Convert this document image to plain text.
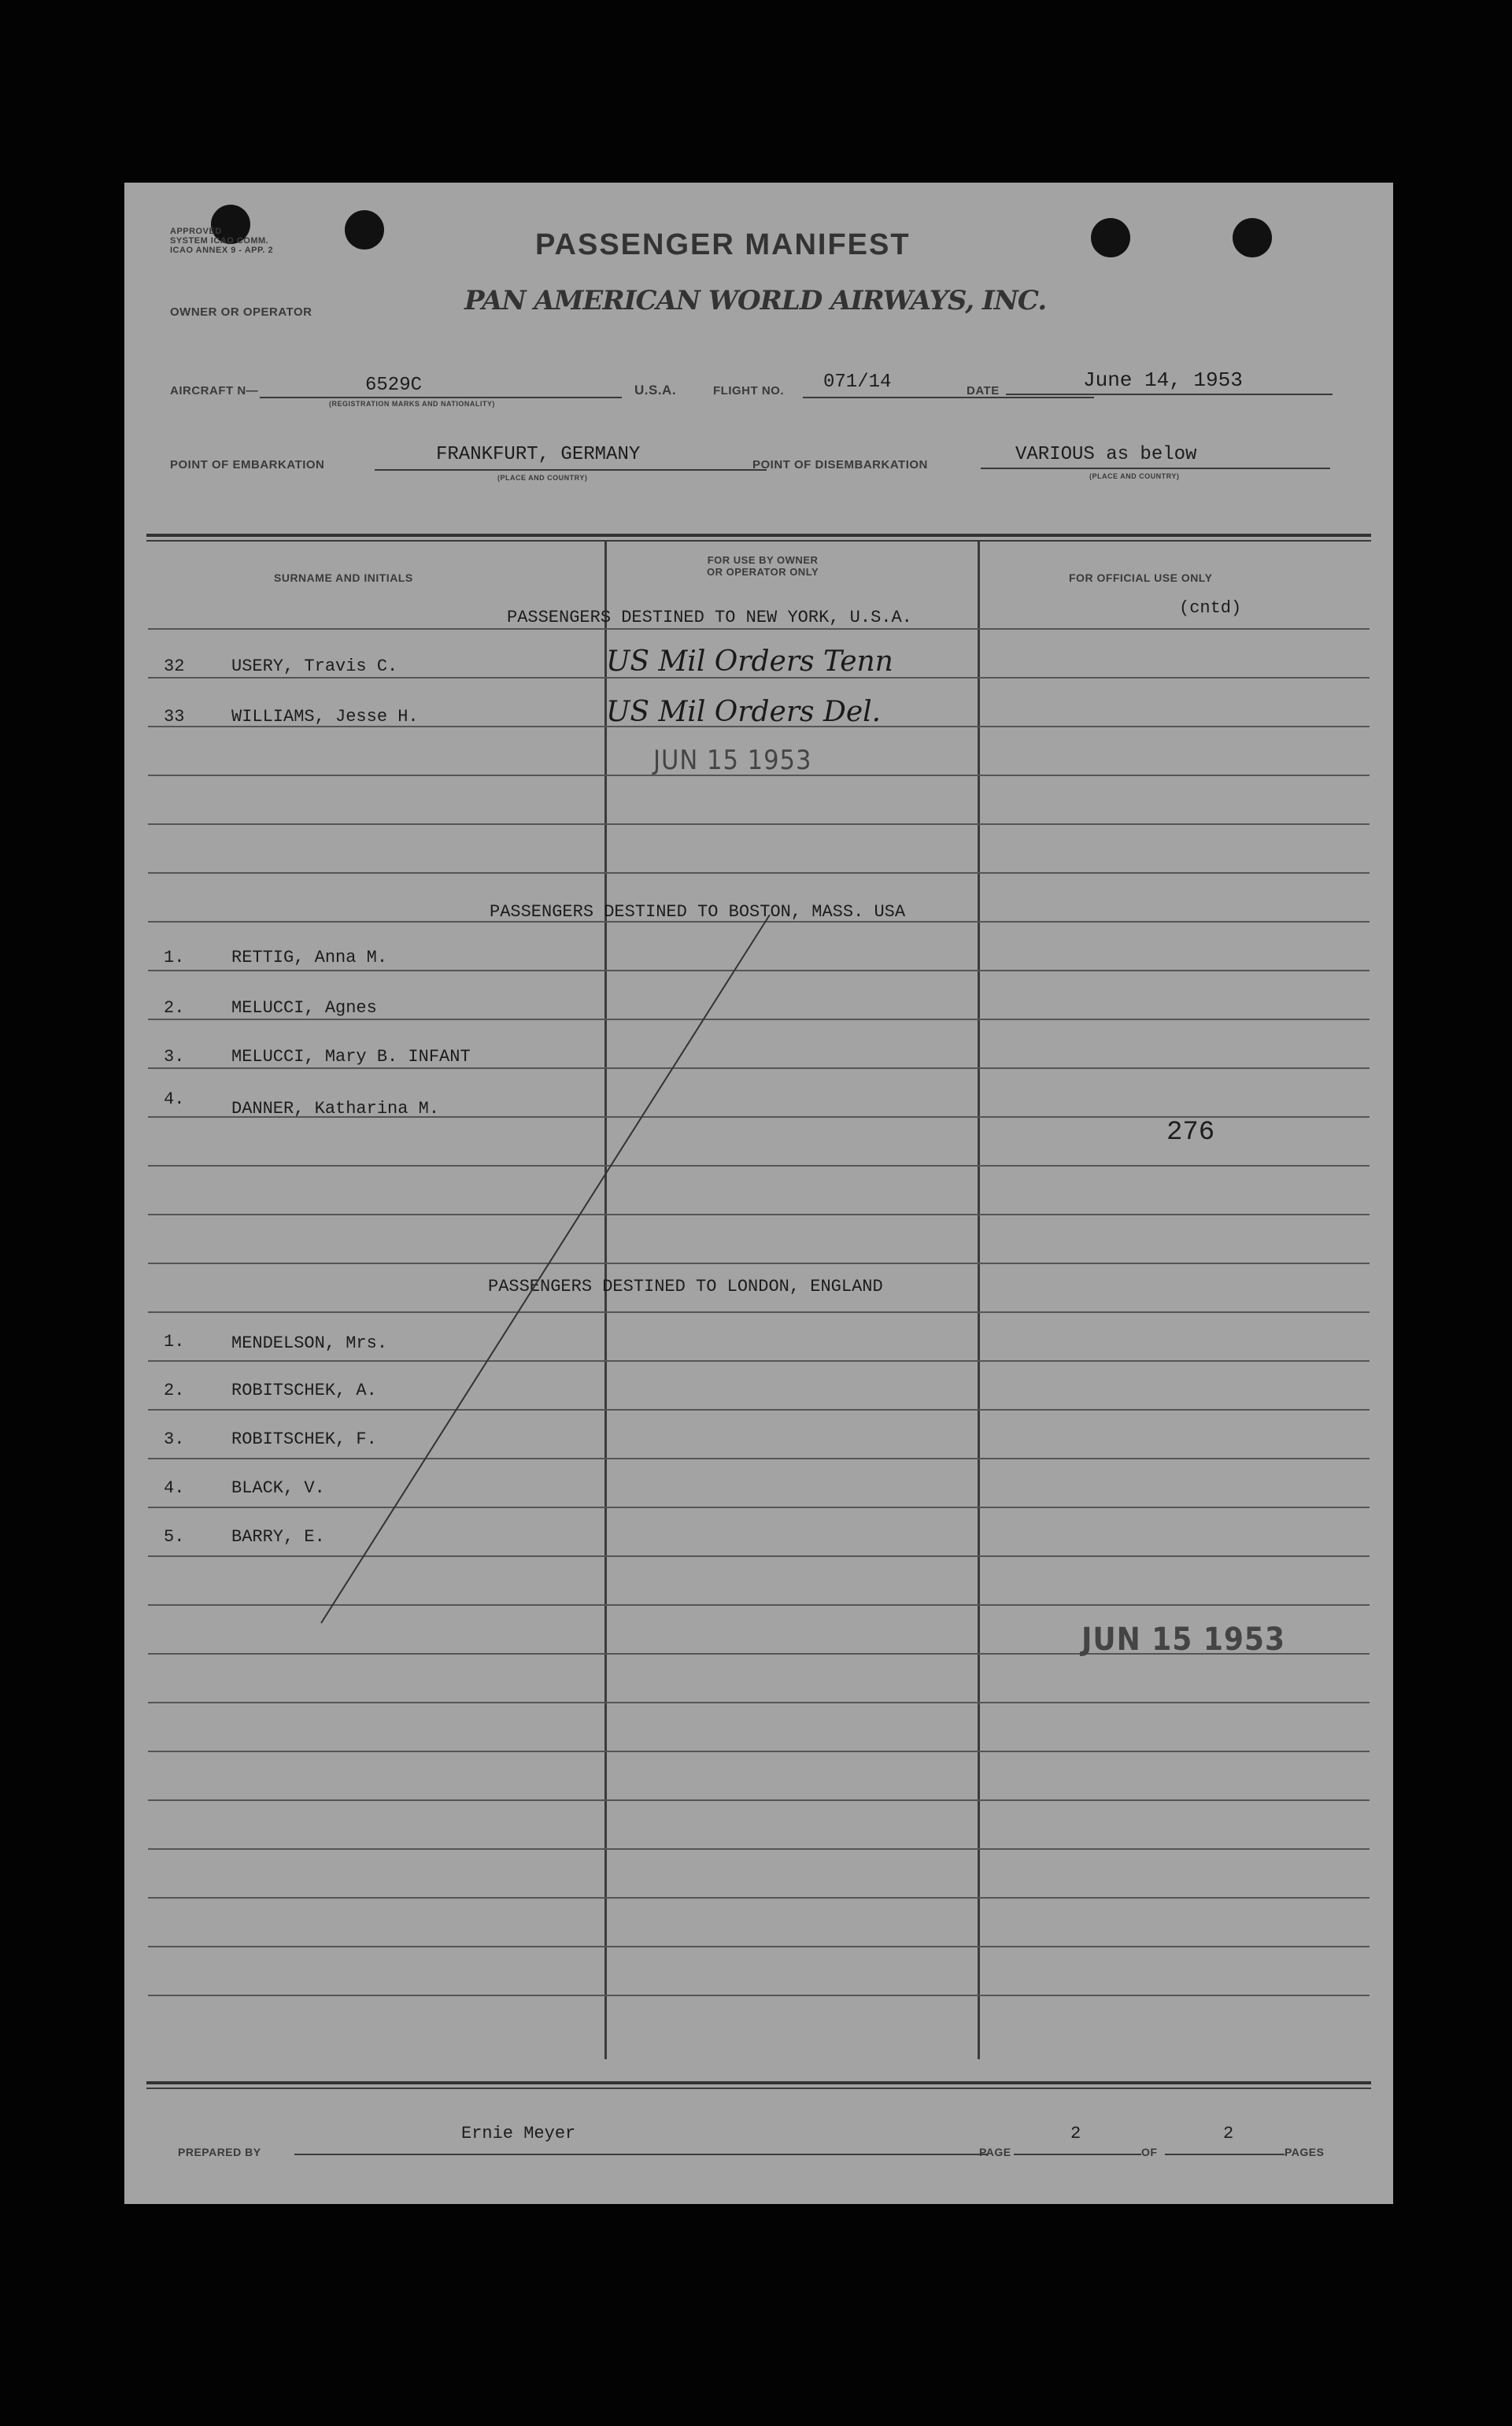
APPROVED
SYSTEM ICAO COMM.
ICAO ANNEX 9 - APP. 2	PASSENGER MANIFEST
OWNER OR OPERATOR	PAN AMERICAN WORLD AIRWAYS, INC.
AIRCRAFT N—	6529C
(REGISTRATION MARKS AND NATIONALITY)
U.S.A.	FLIGHT NO. 071/14	DATE	June 14, 1953
POINT OF EMBARKATION	FRANKFURT, GERMANY
(PLACE AND COUNTRY)
POINT OF DISEMBARKATION	VARIOUS as below
(PLACE AND COUNTRY)
SURNAME AND INITIALS
FOR USE BY OWNER
OR OPERATOR ONLY	FOR OFFICIAL USE ONLY
PASSENGERS DESTINED TO NEW YORK, U.S.A.	(cntd)
32	USERY, Travis C.	US Mil Orders Tenn
33	WILLIAMS, Jesse H.	US Mil Orders Del.
JUN 15 1953
PASSENGERS DESTINED TO BOSTON, MASS. USA
1.	RETTIG, Anna M.
2.	MELUCCI, Agnes
3.	MELUCCI, Mary B. INFANT
4.	DANNER, Katharina M.
276
PASSENGERS DESTINED TO LONDON, ENGLAND
1.	MENDELSON, Mrs.
2.	ROBITSCHEK, A.
3.	ROBITSCHEK, F.
4.	BLACK, V.
5.	BARRY, E.
JUN 15 1953
PREPARED BY
Ernie Meyer
PAGE
2
OF
2
PAGES
